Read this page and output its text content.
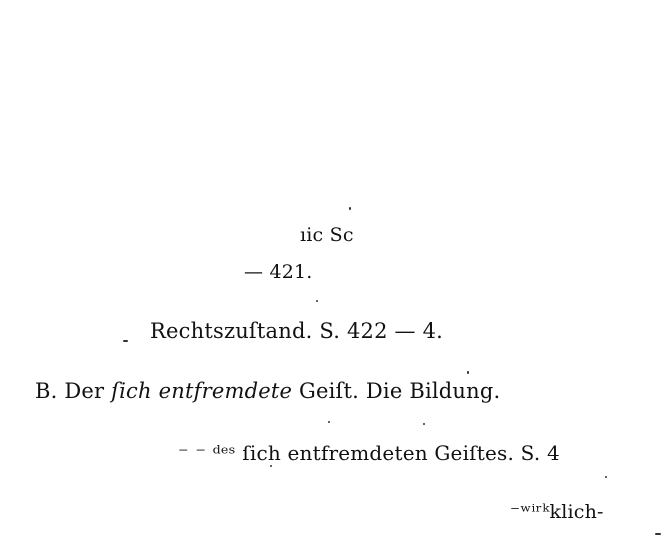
ıic Sc
— 421.
Rechtszuſtand. S. 422 — 4.
B. Der ſich entfremdete Geiſt. Die Bildung.
⁻ ⁻ ᵈᵉˢ ſich entfremdeten Geiſtes. S. 4
⁻ʷⁱʳᵏklich-
